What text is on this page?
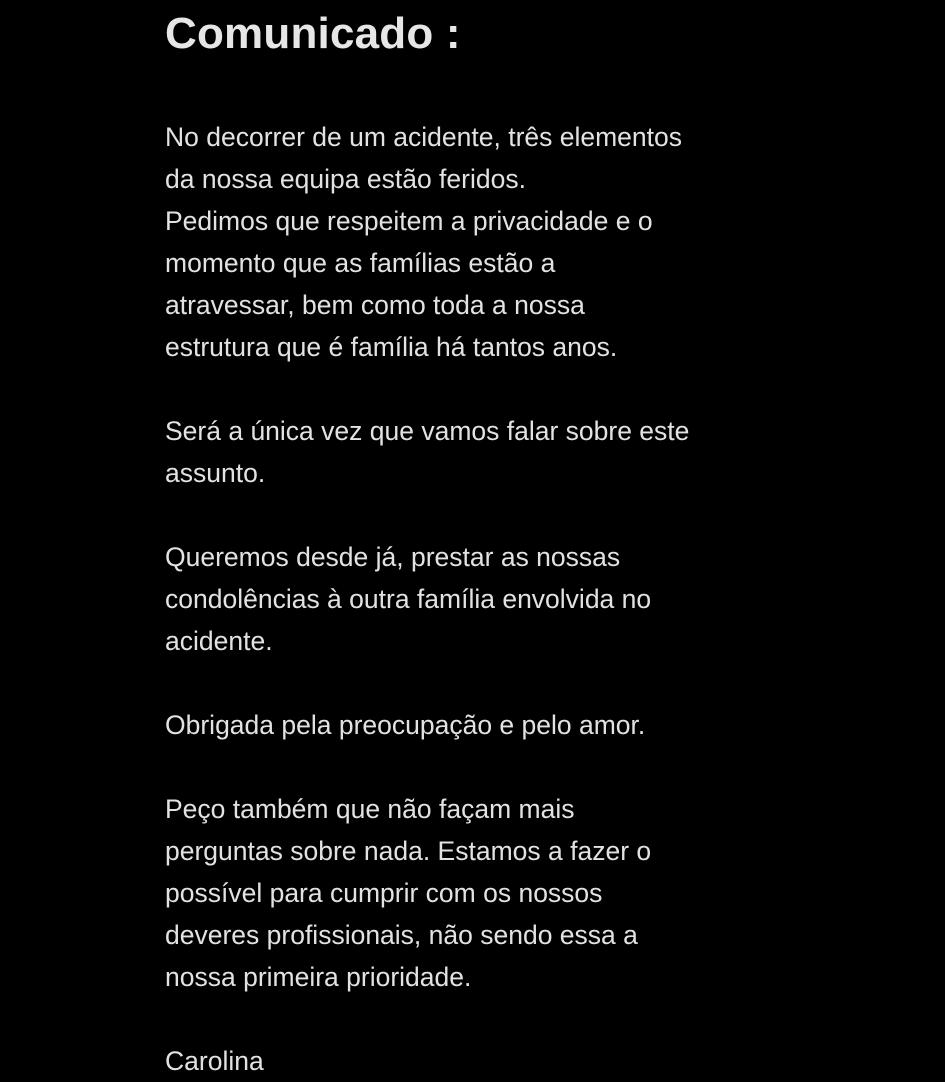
Comunicado :

No decorrer de um acidente, três elementos
da nossa equipa estão feridos.
Pedimos que respeitem a privacidade e o
momento que as famílias estão a
atravessar, bem como toda a nossa
estrutura que é família há tantos anos.

Será a única vez que vamos falar sobre este
assunto.

Queremos desde já, prestar as nossas
condolências à outra família envolvida no
acidente.

Obrigada pela preocupação e pelo amor.

Peço também que não façam mais
perguntas sobre nada. Estamos a fazer o
possível para cumprir com os nossos
deveres profissionais, não sendo essa a
nossa primeira prioridade.

Carolina
